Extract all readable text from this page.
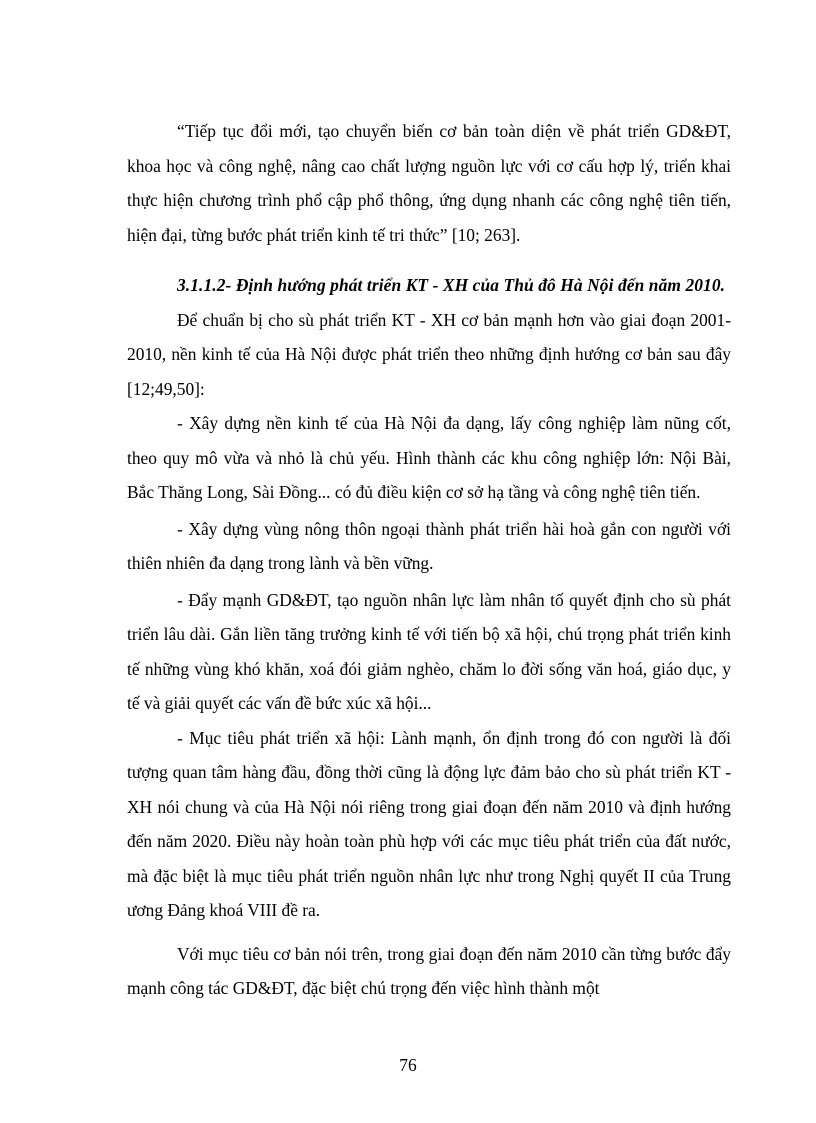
“Tiếp tục đổi mới, tạo chuyển biến cơ bản toàn diện về phát triển GD&ĐT, khoa học và công nghệ, nâng cao chất lượng nguồn lực với cơ cấu hợp lý, triển khai thực hiện chương trình phổ cập phổ thông, ứng dụng nhanh các công nghệ tiên tiến, hiện đại, từng bước phát triển kinh tế tri thức” [10; 263].

3.1.1.2- Định hướng phát triển KT - XH của Thủ đô Hà Nội đến năm 2010.

Để chuẩn bị cho sù phát triển KT - XH cơ bản mạnh hơn vào giai đoạn 2001-2010, nền kinh tế của Hà Nội được phát triển theo những định hướng cơ bản sau đây [12;49,50]:

- Xây dựng nền kinh tế của Hà Nội đa dạng, lấy công nghiệp làm nũng cốt, theo quy mô vừa và nhỏ là chủ yếu. Hình thành các khu công nghiệp lớn: Nội Bài, Bắc Thăng Long, Sài Đồng... có đủ điều kiện cơ sở hạ tầng và công nghệ tiên tiến.

- Xây dựng vùng nông thôn ngoại thành phát triển hài hoà gắn con người với thiên nhiên đa dạng trong lành và bền vững.

- Đẩy mạnh GD&ĐT, tạo nguồn nhân lực làm nhân tố quyết định cho sù phát triển lâu dài. Gắn liền tăng trưởng kinh tế với tiến bộ xã hội, chú trọng phát triển kinh tế những vùng khó khăn, xoá đói giảm nghèo, chăm lo đời sống văn hoá, giáo dục, y tế và giải quyết các vấn đề bức xúc xã hội...

- Mục tiêu phát triển xã hội: Lành mạnh, ổn định trong đó con người là đối tượng quan tâm hàng đầu, đồng thời cũng là động lực đảm bảo cho sù phát triển KT - XH nói chung và của Hà Nội nói riêng trong giai đoạn đến năm 2010 và định hướng đến năm 2020. Điều này hoàn toàn phù hợp với các mục tiêu phát triển của đất nước, mà đặc biệt là mục tiêu phát triển nguồn nhân lực như trong Nghị quyết II của Trung ương Đảng khoá VIII đề ra.

Với mục tiêu cơ bản nói trên, trong giai đoạn đến năm 2010 cần từng bước đẩy mạnh công tác GD&ĐT, đặc biệt chú trọng đến việc hình thành một

76
